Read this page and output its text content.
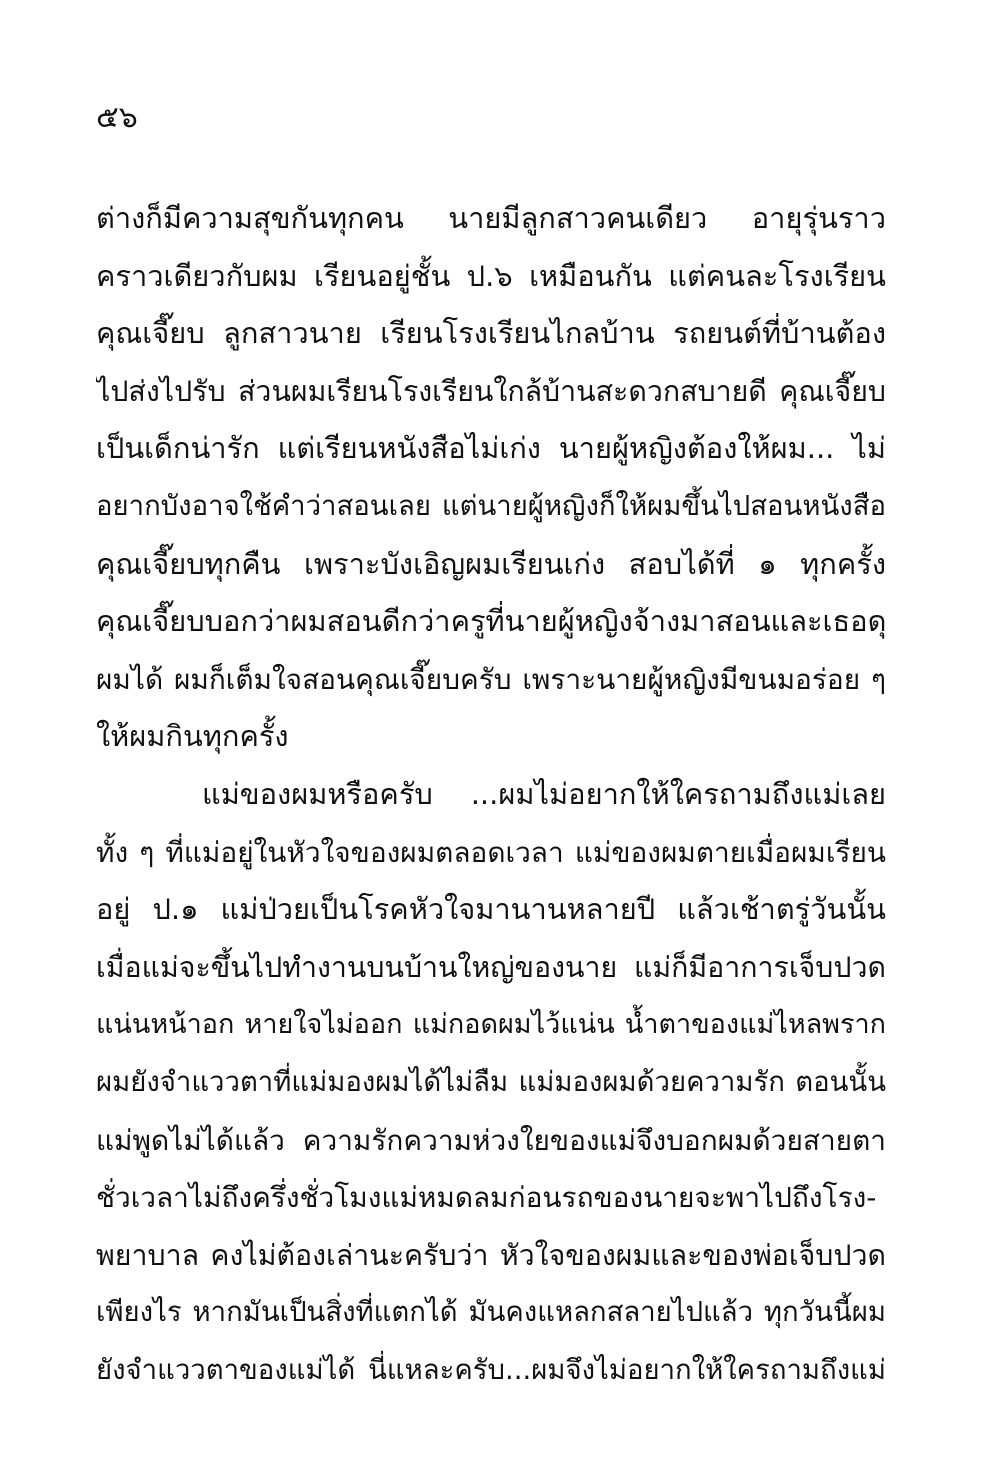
๕๖
ต่างก็มีความสุขกันทุกคน นายมีลูกสาวคนเดียว อายุรุ่นราว
คราวเดียวกับผม เรียนอยู่ชั้น ป.๖ เหมือนกัน แต่คนละโรงเรียน
คุณเจี๊ยบ ลูกสาวนาย เรียนโรงเรียนไกลบ้าน รถยนต์ที่บ้านต้อง
ไปส่งไปรับ ส่วนผมเรียนโรงเรียนใกล้บ้านสะดวกสบายดี คุณเจี๊ยบ
เป็นเด็กน่ารัก แต่เรียนหนังสือไม่เก่ง นายผู้หญิงต้องให้ผม... ไม่
อยากบังอาจใช้คำว่าสอนเลย แต่นายผู้หญิงก็ให้ผมขึ้นไปสอนหนังสือ
คุณเจี๊ยบทุกคืน เพราะบังเอิญผมเรียนเก่ง สอบได้ที่ ๑ ทุกครั้ง
คุณเจี๊ยบบอกว่าผมสอนดีกว่าครูที่นายผู้หญิงจ้างมาสอนและเธอดุ
ผมได้ ผมก็เต็มใจสอนคุณเจี๊ยบครับ เพราะนายผู้หญิงมีขนมอร่อย ๆ
ให้ผมกินทุกครั้ง
แม่ของผมหรือครับ ...ผมไม่อยากให้ใครถามถึงแม่เลย
ทั้ง ๆ ที่แม่อยู่ในหัวใจของผมตลอดเวลา แม่ของผมตายเมื่อผมเรียน
อยู่ ป.๑ แม่ป่วยเป็นโรคหัวใจมานานหลายปี แล้วเช้าตรู่วันนั้น
เมื่อแม่จะขึ้นไปทำงานบนบ้านใหญ่ของนาย แม่ก็มีอาการเจ็บปวด
แน่นหน้าอก หายใจไม่ออก แม่กอดผมไว้แน่น น้ำตาของแม่ไหลพราก
ผมยังจำแววตาที่แม่มองผมได้ไม่ลืม แม่มองผมด้วยความรัก ตอนนั้น
แม่พูดไม่ได้แล้ว ความรักความห่วงใยของแม่จึงบอกผมด้วยสายตา
ชั่วเวลาไม่ถึงครึ่งชั่วโมงแม่หมดลมก่อนรถของนายจะพาไปถึงโรง-
พยาบาล คงไม่ต้องเล่านะครับว่า หัวใจของผมและของพ่อเจ็บปวด
เพียงไร หากมันเป็นสิ่งที่แตกได้ มันคงแหลกสลายไปแล้ว ทุกวันนี้ผม
ยังจำแววตาของแม่ได้ นี่แหละครับ...ผมจึงไม่อยากให้ใครถามถึงแม่
